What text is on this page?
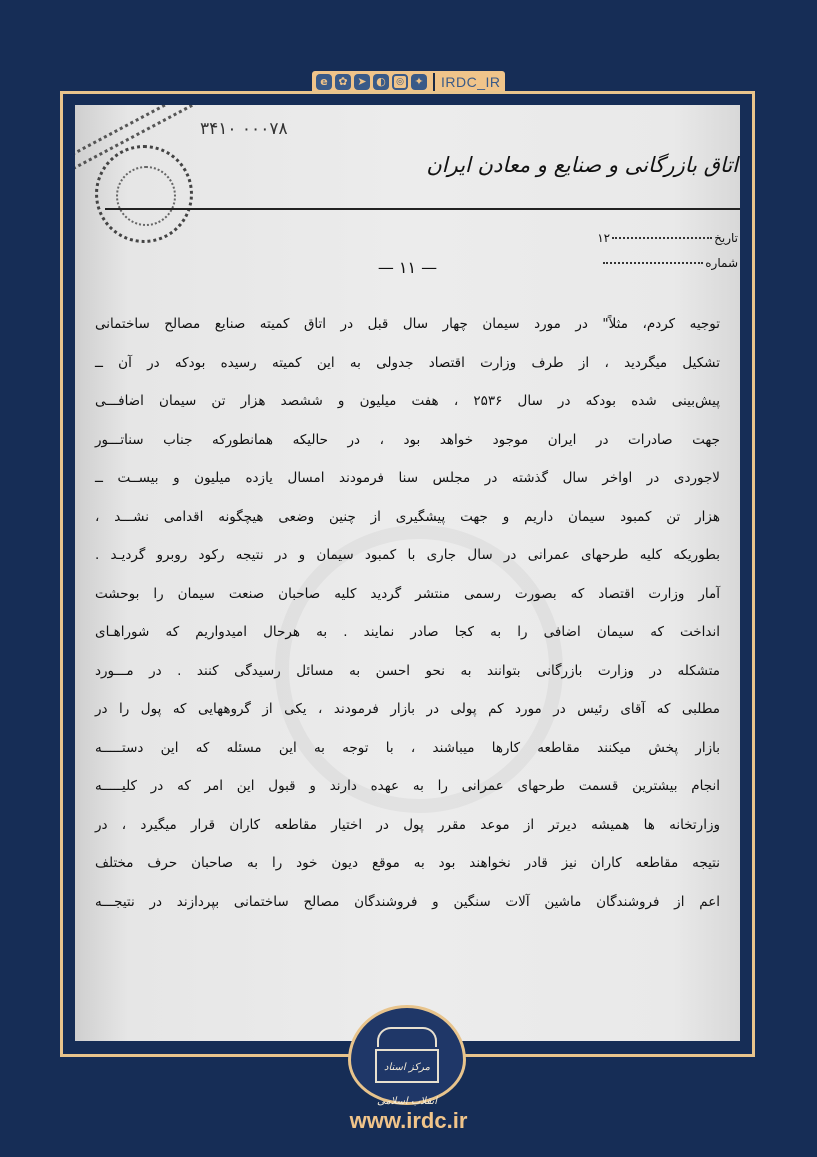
e ✿ ➤ ◐	◎ ✦ IRDC_IR
۳۴۱۰ ۰۰۰۷۸
اتاق بازرگانی و صنایع و معادن ایران
تاریخ
۱۲
شماره
— ۱۱ —
توجیه کردم، مثلاً" در مورد سیمان چهار سال قبل در اتاق کمیته صنایع مصالح ساختمانی
تشکیل میگردید ، از طرف وزارت اقتصاد جدولی به این کمیته رسیده بودکه در آن ــ
پیش‌بینی شده بودکه در سال ۲۵۳۶ ، هفت میلیون و ششصد هزار تن سیمان اضافـــی
جهت صادرات در ایران موجود خواهد بود ، در حالیکه همانطورکه جناب سناتـــور
لاجوردی در اواخر سال گذشته در مجلس سنا فرمودند امسال یازده میلیون و بیســت ــ
هزار تن کمبود سیمان داریم و جهت پیشگیری از چنین وضعی هیچگونه اقدامی نشـــد ،
بطوریکه کلیه طرحهای عمرانی در سال جاری با کمبود سیمان و در نتیجه رکود روبرو گردیـد .
آمار وزارت اقتصاد که بصورت رسمی منتشر گردید کلیه صاحبان صنعت سیمان را بوحشت
انداخت که سیمان اضافی را به کجا صادر نمایند . به هرحال امیدواریم که شوراهـای
متشکله در وزارت بازرگانی بتوانند به نحو احسن به مسائل رسیدگی کنند . در مـــورد
مطلبی که آقای رئیس در مورد کم پولی در بازار فرمودند ، یکی از گروههایی که پول را در
بازار پخش میکنند مقاطعه کارها میباشند ، با توجه به این مسئله که این دستـــــه
انجام بیشترین قسمت طرحهای عمرانی را به عهده دارند و قبول این امر که در کلیـــــه
وزارتخانه ها همیشه دیرتر از موعد مقرر پول در اختیار مقاطعه کاران قرار میگیرد ، در
نتیجه مقاطعه کاران نیز قادر نخواهند بود به موقع دیون خود را به صاحبان حرف مختلف
اعم از فروشندگان ماشین آلات سنگین و فروشندگان مصالح ساختمانی بپردازند در نتیجـــه
مرکز اسناد انقلاب اسلامی
www.irdc.ir
